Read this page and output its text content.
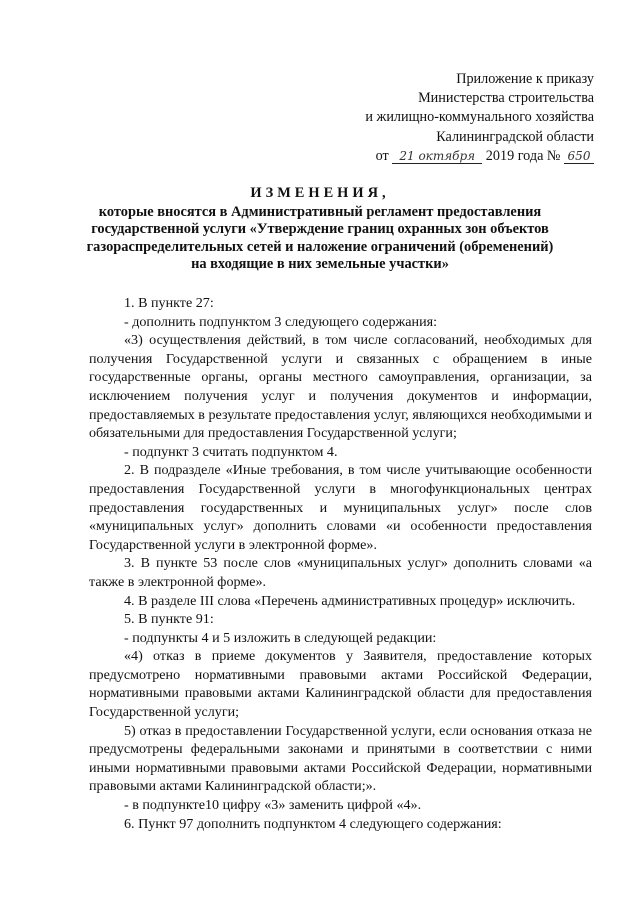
Приложение к приказу
Министерства строительства
и жилищно-коммунального хозяйства
Калининградской области
от 21 октября 2019 года № 650
ИЗМЕНЕНИЯ,
которые вносятся в Административный регламент предоставления
государственной услуги «Утверждение границ охранных зон объектов
газораспределительных сетей и наложение ограничений (обременений)
на входящие в них земельные участки»

1. В пункте 27:

- дополнить подпунктом 3 следующего содержания:

«3) осуществления действий, в том числе согласований, необходимых для получения Государственной услуги и связанных с обращением в иные государственные органы, органы местного самоуправления, организации, за исключением получения услуг и получения документов и информации, предоставляемых в результате предоставления услуг, являющихся необходимыми и обязательными для предоставления Государственной услуги;

- подпункт 3 считать подпунктом 4.

2. В подразделе «Иные требования, в том числе учитывающие особенности предоставления Государственной услуги в многофункциональных центрах предоставления государственных и муниципальных услуг» после слов «муниципальных услуг» дополнить словами «и особенности предоставления Государственной услуги в электронной форме».

3. В пункте 53 после слов «муниципальных услуг» дополнить словами «а также в электронной форме».

4. В разделе III слова «Перечень административных процедур» исключить.

5. В пункте 91:

- подпункты 4 и 5 изложить в следующей редакции:

«4) отказ в приеме документов у Заявителя, предоставление которых предусмотрено нормативными правовыми актами Российской Федерации, нормативными правовыми актами Калининградской области для предоставления Государственной услуги;

5) отказ в предоставлении Государственной услуги, если основания отказа не предусмотрены федеральными законами и принятыми в соответствии с ними иными нормативными правовыми актами Российской Федерации, нормативными правовыми актами Калининградской области;».

- в подпункте10 цифру «3» заменить цифрой «4».

6. Пункт 97 дополнить подпунктом 4 следующего содержания:
